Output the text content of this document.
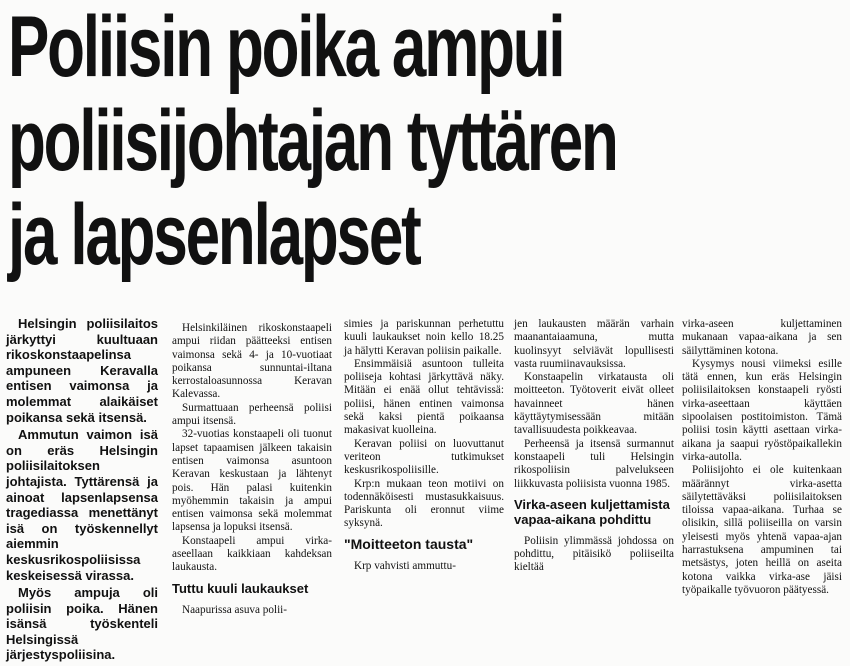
Poliisin poika ampui
poliisijohtajan tyttären
ja lapsenlapset

Helsingin poliisilaitos järkyttyi kuultuaan rikoskonstaapelinsa ampuneen Keravalla entisen vaimonsa ja molemmat alaikäiset poikansa sekä itsensä.

Ammutun vaimon isä on eräs Helsingin poliisilaitoksen johtajista. Tyttärensä ja ainoat lapsenlapsensa tragediassa menettänyt isä on työskennellyt aiemmin keskusrikospoliisissa keskeisessä virassa.

Myös ampuja oli poliisin poika. Hänen isänsä työskenteli Helsingissä järjestyspoliisina.

Helsinkiläinen rikoskonstaapeli ampui riidan päätteeksi entisen vaimonsa sekä 4- ja 10-vuotiaat poikansa sunnuntai-iltana kerrostaloasunnossa Keravan Kalevassa.

Surmattuaan perheensä poliisi ampui itsensä.

32-vuotias konstaapeli oli tuonut lapset tapaamisen jälkeen takaisin entisen vaimonsa asuntoon Keravan keskustaan ja lähtenyt pois. Hän palasi kuitenkin myöhemmin takaisin ja ampui entisen vaimonsa sekä molemmat lapsensa ja lopuksi itsensä.

Konstaapeli ampui virka-aseellaan kaikkiaan kahdeksan laukausta.

Tuttu kuuli laukaukset

Naapurissa asuva polii-

simies ja pariskunnan perhetuttu kuuli laukaukset noin kello 18.25 ja hälytti Keravan poliisin paikalle.

Ensimmäisiä asuntoon tulleita poliiseja kohtasi järkyttävä näky. Mitään ei enää ollut tehtävissä: poliisi, hänen entinen vaimonsa sekä kaksi pientä poikaansa makasivat kuolleina.

Keravan poliisi on luovuttanut veriteon tutkimukset keskusrikospoliisille.

Krp:n mukaan teon motiivi on todennäköisesti mustasukkaisuus. Pariskunta oli eronnut viime syksynä.

"Moitteeton tausta"

Krp vahvisti ammuttu-

jen laukausten määrän varhain maanantaiaamuna, mutta kuolinsyyt selviävät lopullisesti vasta ruumiinavauksissa.

Konstaapelin virkatausta oli moitteeton. Työtoverit eivät olleet havainneet hänen käyttäytymisessään mitään tavallisuudesta poikkeavaa.

Perheensä ja itsensä surmannut konstaapeli tuli Helsingin rikospoliisin palvelukseen liikkuvasta poliisista vuonna 1985.

Virka-aseen kuljettamista vapaa-aikana pohdittu

Poliisin ylimmässä johdossa on pohdittu, pitäisikö poliiseilta kieltää

virka-aseen kuljettaminen mukanaan vapaa-aikana ja sen säilyttäminen kotona.

Kysymys nousi viimeksi esille tätä ennen, kun eräs Helsingin poliisilaitoksen konstaapeli ryösti virka-aseettaan käyttäen sipoolaisen postitoimiston. Tämä poliisi tosin käytti asettaan virka-aikana ja saapui ryöstöpaikallekin virka-autolla.

Poliisijohto ei ole kuitenkaan määrännyt virka-asetta säilytettäväksi poliisilaitoksen tiloissa vapaa-aikana. Turhaa se olisikin, sillä poliiseilla on varsin yleisesti myös yhtenä vapaa-ajan harrastuksena ampuminen tai metsästys, joten heillä on aseita kotona vaikka virka-ase jäisi työpaikalle työvuoron päätyessä.
